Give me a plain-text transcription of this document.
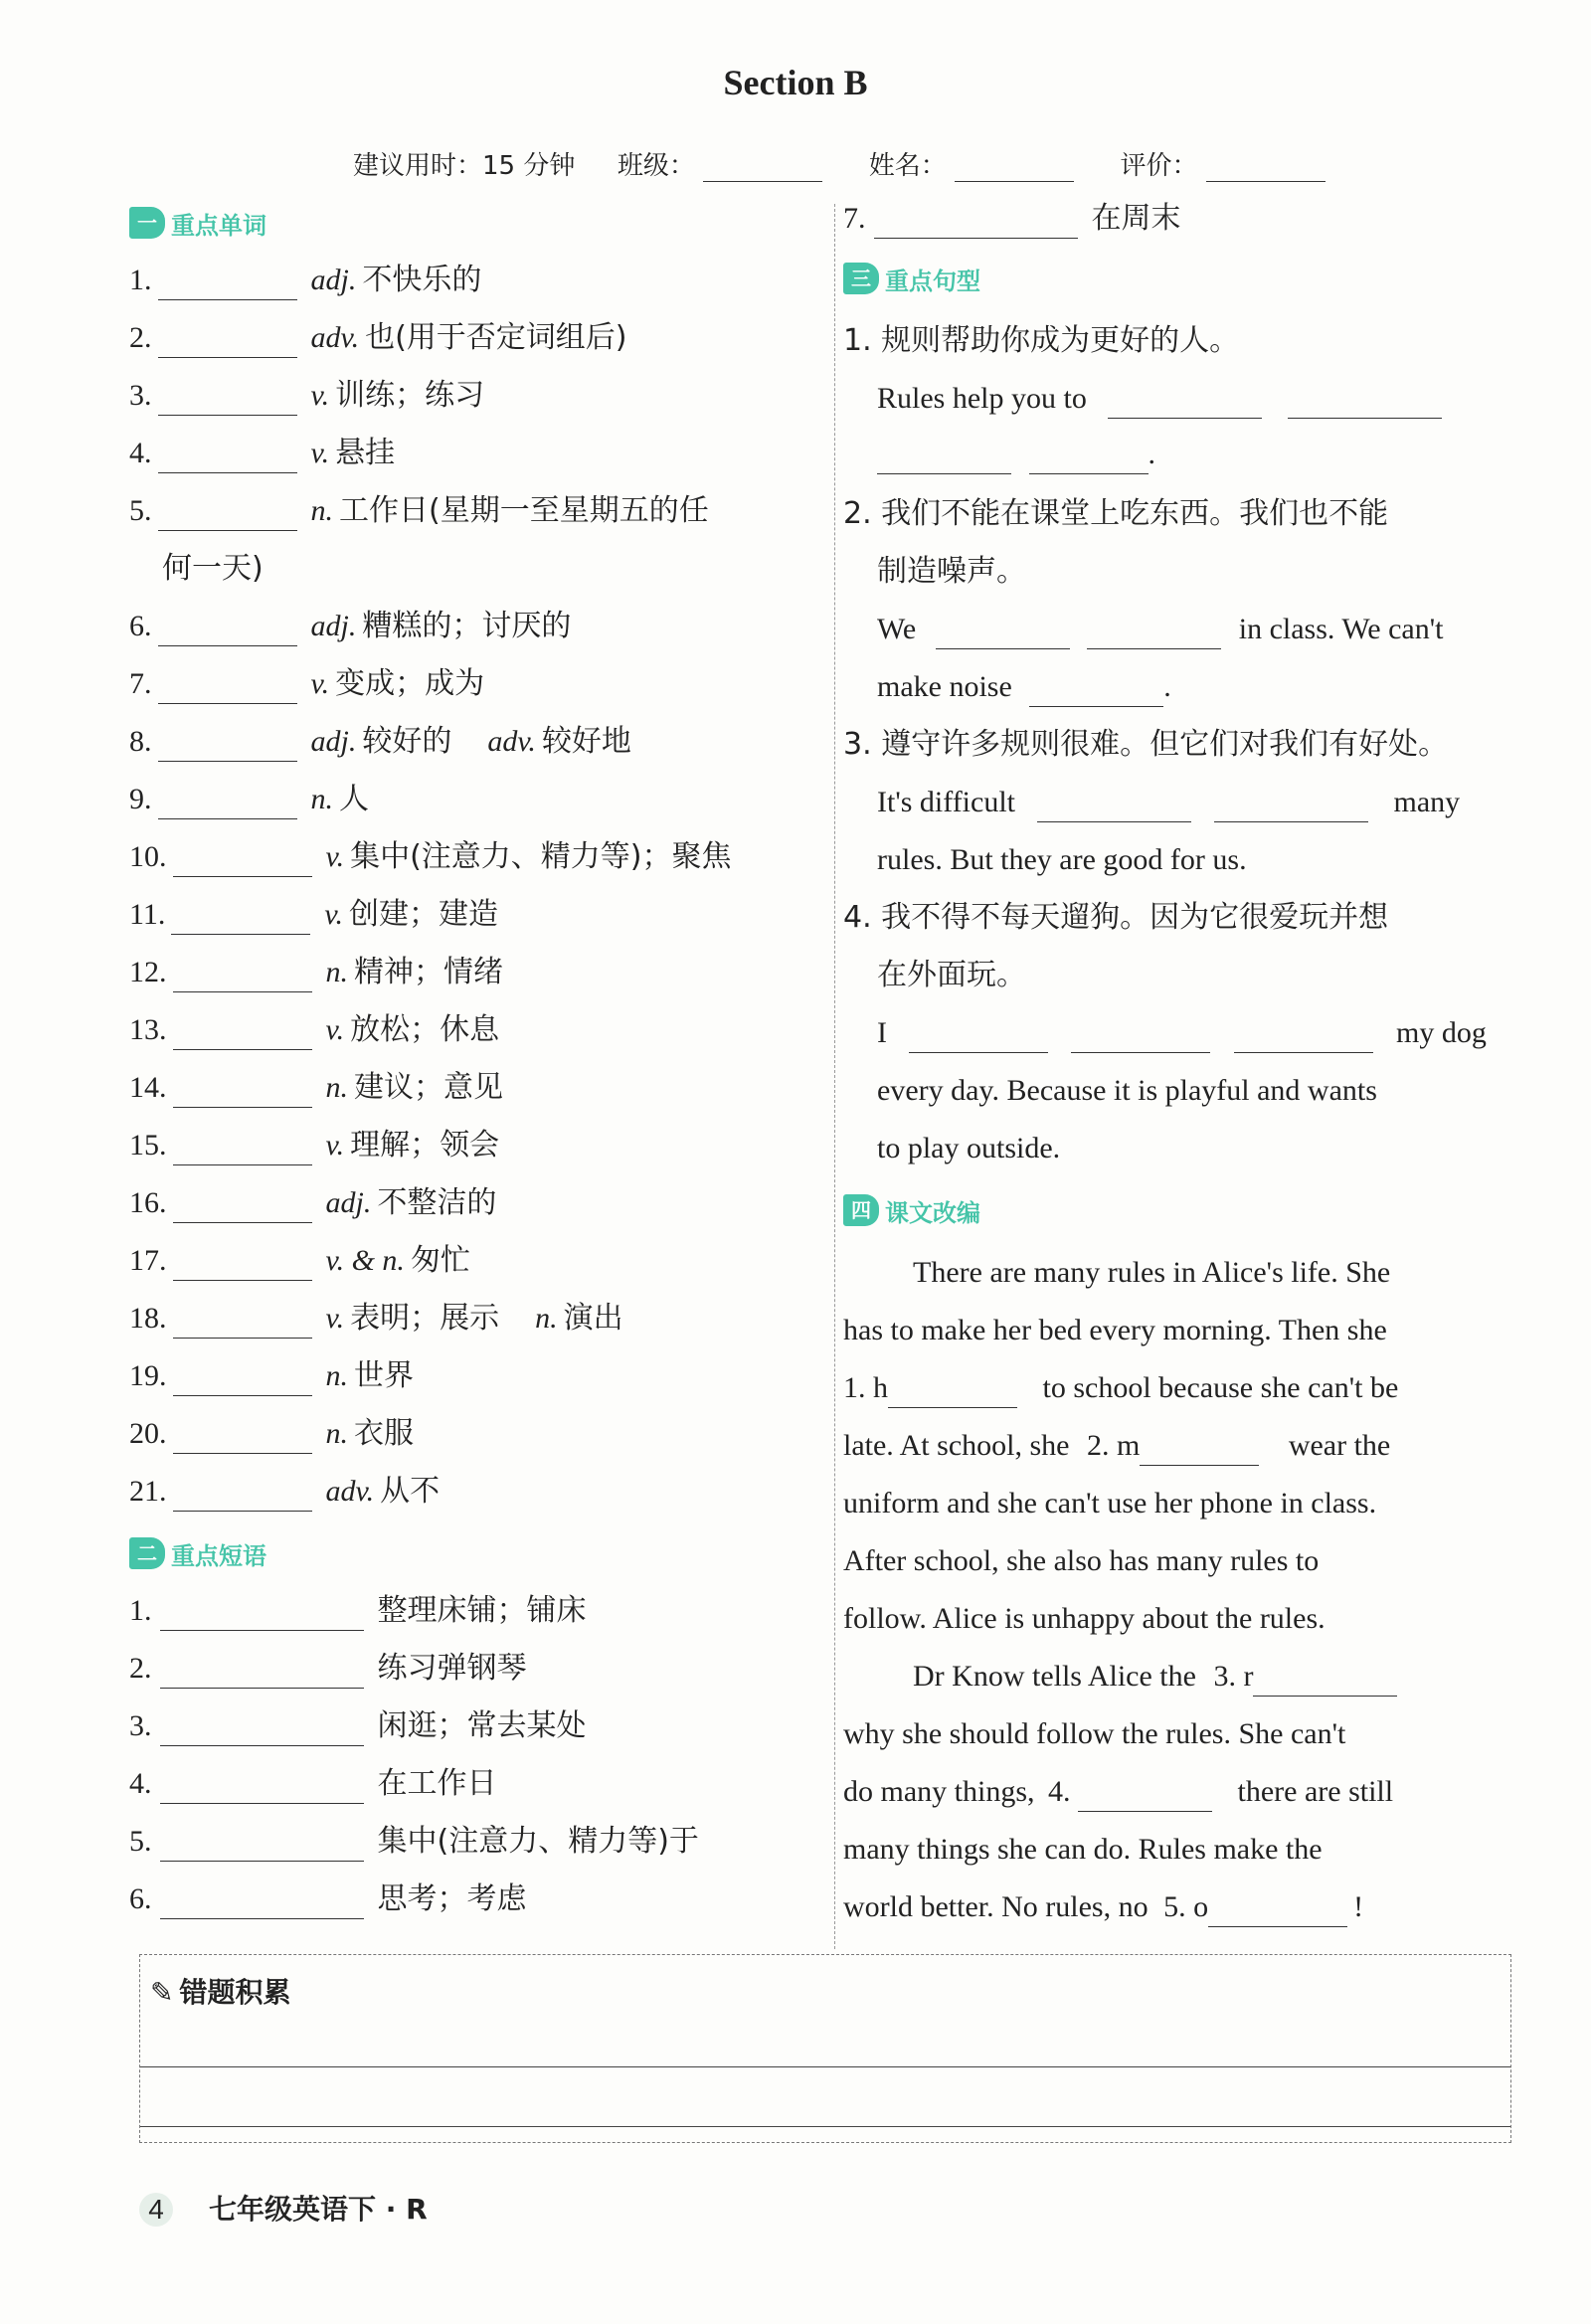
Section B
建议用时：15 分钟 班级：	姓名：	评价：
一 重点单词
1.	adj. 不快乐的
2.	adv. 也(用于否定词组后)
3.	v. 训练；练习
4.	v. 悬挂
5.	n. 工作日(星期一至星期五的任
何一天)
6.	adj. 糟糕的；讨厌的
7.	v. 变成；成为
8.	adj. 较好的 adv. 较好地
9.	n. 人
10.	v. 集中(注意力、精力等)；聚焦
11.	v. 创建；建造
12.	n. 精神；情绪
13.	v. 放松；休息
14.	n. 建议；意见
15.	v. 理解；领会
16.	adj. 不整洁的
17.	v. & n. 匆忙
18.	v. 表明；展示 n. 演出
19.	n. 世界
20.	n. 衣服
21.	adv. 从不
二 重点短语
1.	整理床铺；铺床
2.	练习弹钢琴
3.	闲逛；常去某处
4.	在工作日
5.	集中(注意力、精力等)于
6.	思考；考虑
7.	在周末
三 重点句型
1. 规则帮助你成为更好的人。
Rules help you to
.
2. 我们不能在课堂上吃东西。我们也不能
制造噪声。
We	in class. We can't
make noise	.
3. 遵守许多规则很难。但它们对我们有好处。
It's difficult	many
rules. But they are good for us.
4. 我不得不每天遛狗。因为它很爱玩并想
在外面玩。
I	my dog
every day. Because it is playful and wants
to play outside.
四 课文改编
There are many rules in Alice's life. She
has to make her bed every morning. Then she
1. h	to school because she can't be
late. At school, she 2. m	wear the
uniform and she can't use her phone in class.
After school, she also has many rules to
follow. Alice is unhappy about the rules.
Dr Know tells Alice the 3. r
why she should follow the rules. She can't
do many things, 4.	there are still
many things she can do. Rules make the
world better. No rules, no 5. o	!
✎ 错题积累
4 七年级英语下 · R
